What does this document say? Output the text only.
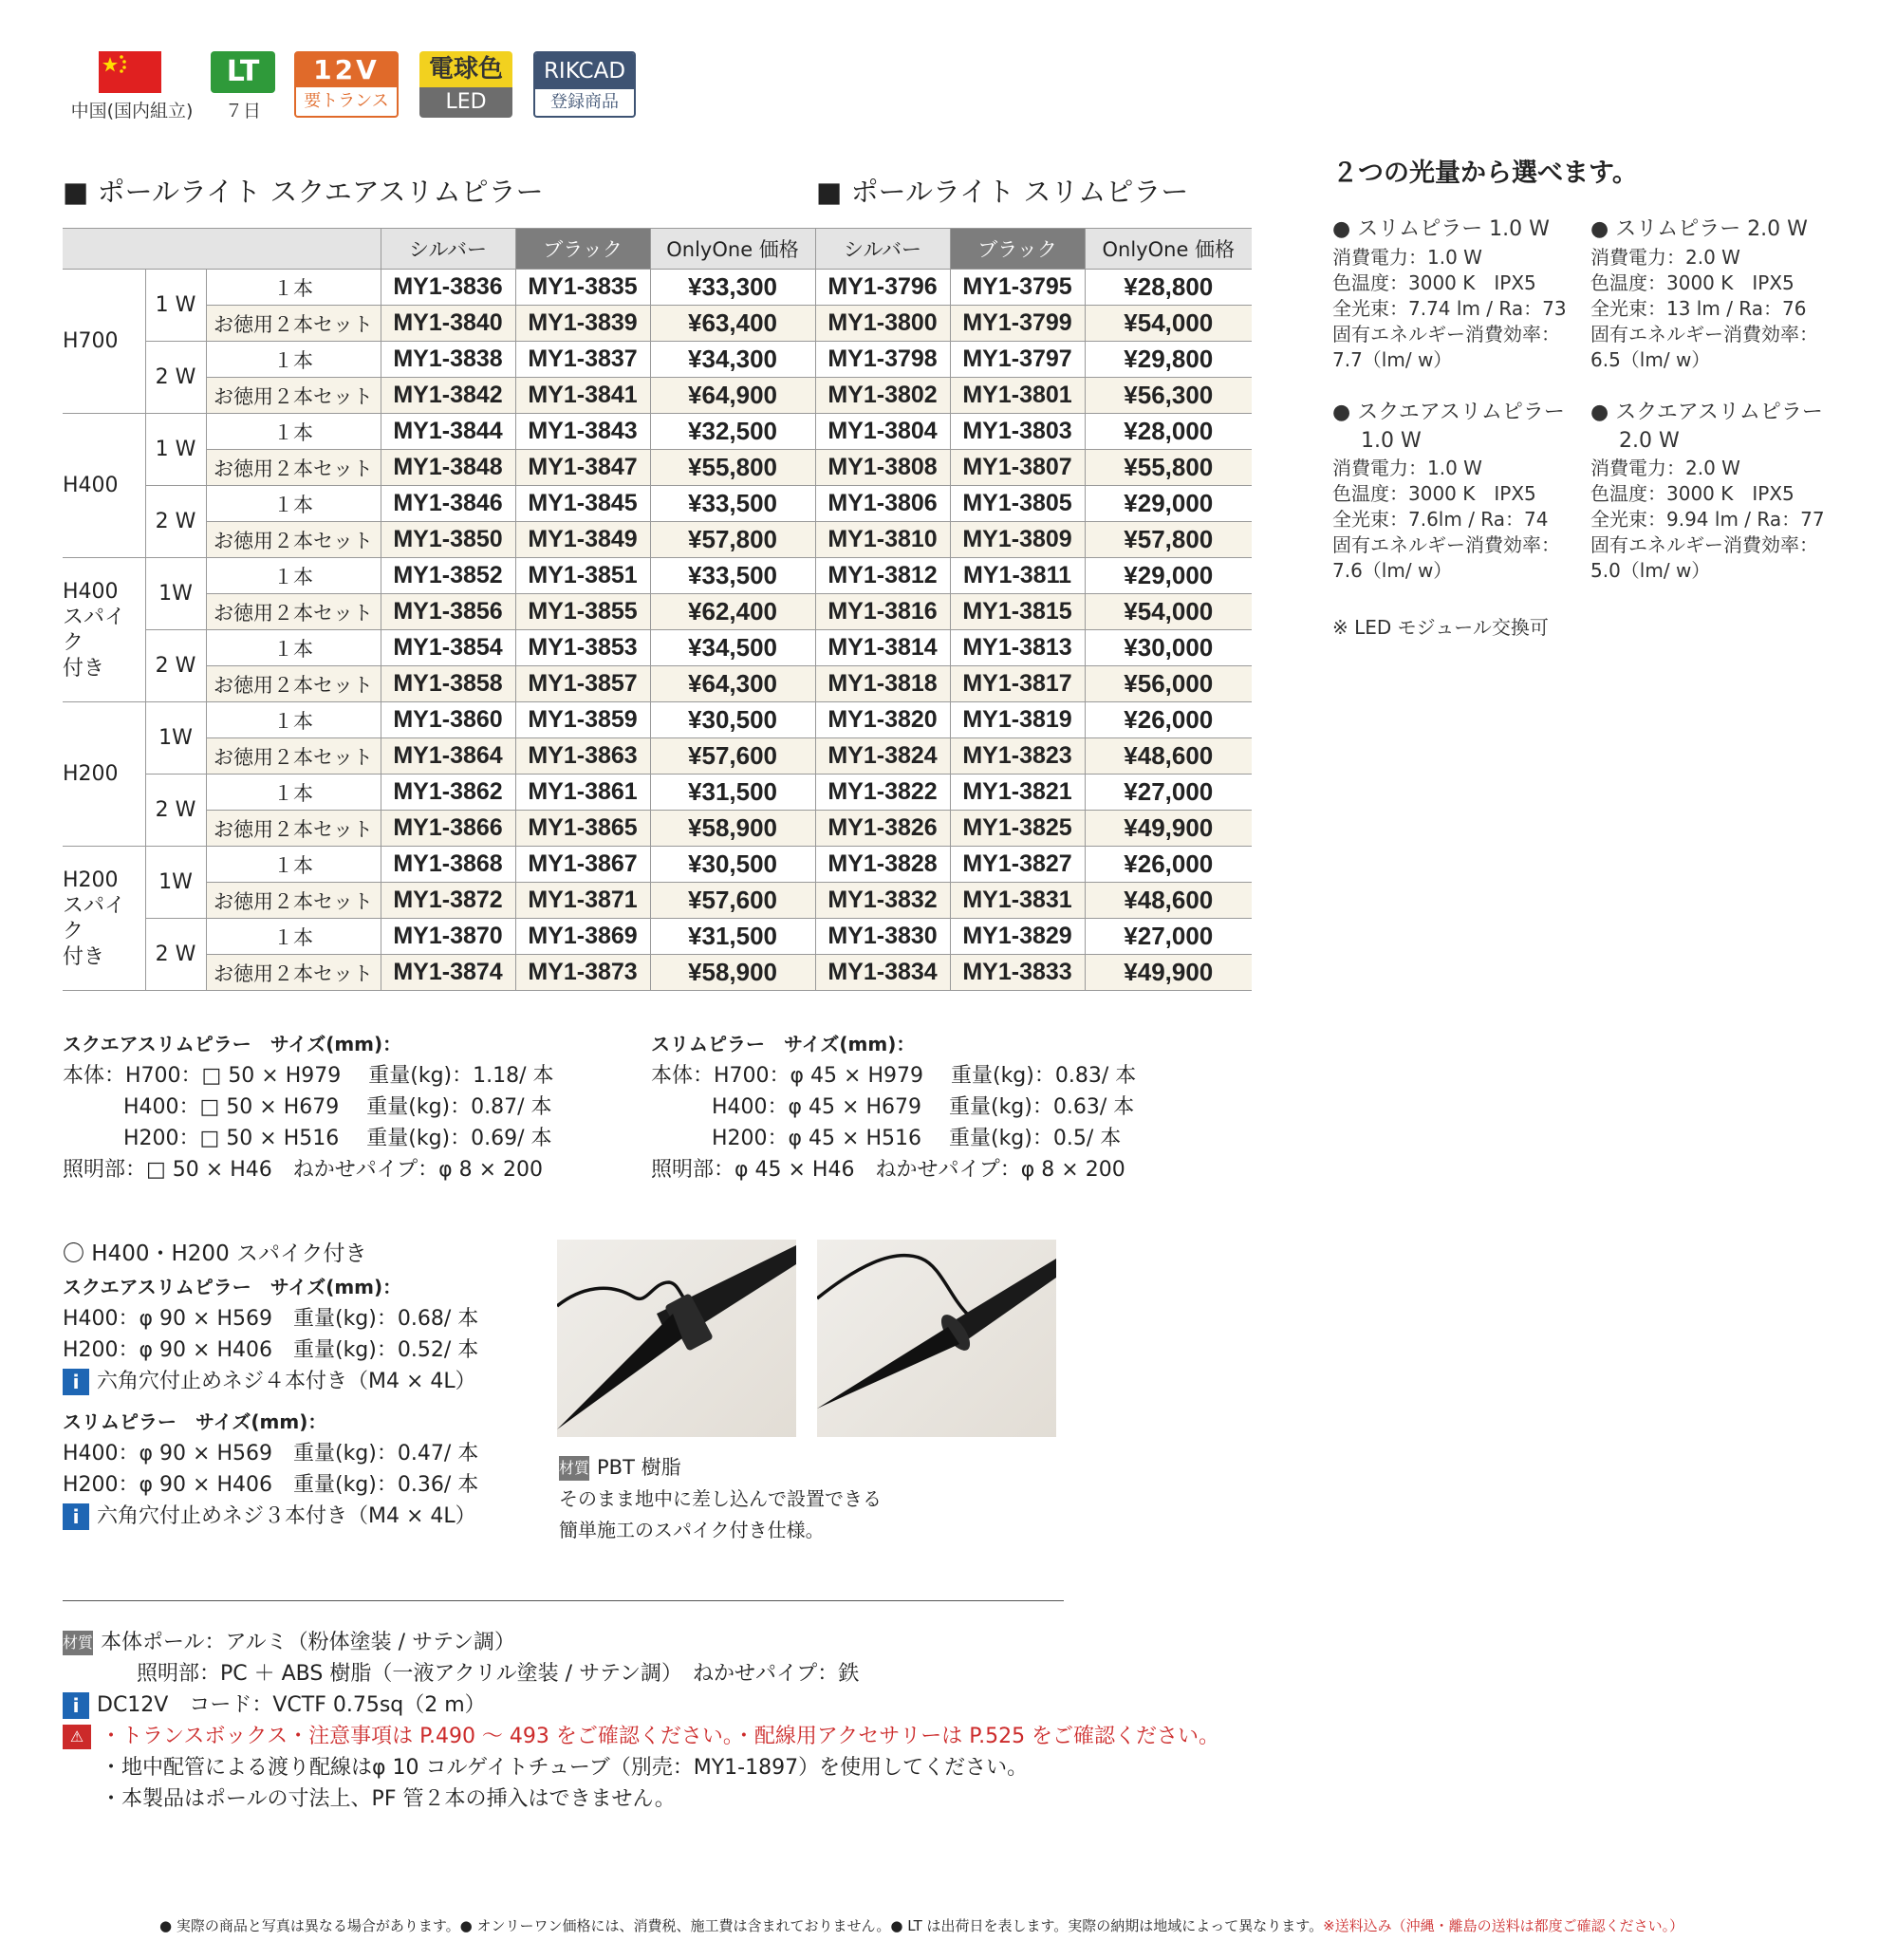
中国(国内組立)
LT
７日
12V
要トランス
電球色
LED
RIKCAD
登録商品
■ ポールライト スクエアスリムピラー	■ ポールライト スリムピラー
			シルバー	ブラック	OnlyOne 価格	シルバー	ブラック	OnlyOne 価格
H700	1 W	１本	MY1-3836	MY1-3835	¥33,300	MY1-3796	MY1-3795	¥28,800
		お徳用２本セット	MY1-3840	MY1-3839	¥63,400	MY1-3800	MY1-3799	¥54,000
	2 W	１本	MY1-3838	MY1-3837	¥34,300	MY1-3798	MY1-3797	¥29,800
		お徳用２本セット	MY1-3842	MY1-3841	¥64,900	MY1-3802	MY1-3801	¥56,300
H400	1 W	１本	MY1-3844	MY1-3843	¥32,500	MY1-3804	MY1-3803	¥28,000
		お徳用２本セット	MY1-3848	MY1-3847	¥55,800	MY1-3808	MY1-3807	¥55,800
	2 W	１本	MY1-3846	MY1-3845	¥33,500	MY1-3806	MY1-3805	¥29,000
		お徳用２本セット	MY1-3850	MY1-3849	¥57,800	MY1-3810	MY1-3809	¥57,800
H400
スパイク
付き	1W	１本	MY1-3852	MY1-3851	¥33,500	MY1-3812	MY1-3811	¥29,000
		お徳用２本セット	MY1-3856	MY1-3855	¥62,400	MY1-3816	MY1-3815	¥54,000
	2 W	１本	MY1-3854	MY1-3853	¥34,500	MY1-3814	MY1-3813	¥30,000
		お徳用２本セット	MY1-3858	MY1-3857	¥64,300	MY1-3818	MY1-3817	¥56,000
H200	1W	１本	MY1-3860	MY1-3859	¥30,500	MY1-3820	MY1-3819	¥26,000
		お徳用２本セット	MY1-3864	MY1-3863	¥57,600	MY1-3824	MY1-3823	¥48,600
	2 W	１本	MY1-3862	MY1-3861	¥31,500	MY1-3822	MY1-3821	¥27,000
		お徳用２本セット	MY1-3866	MY1-3865	¥58,900	MY1-3826	MY1-3825	¥49,900
H200
スパイク
付き	1W	１本	MY1-3868	MY1-3867	¥30,500	MY1-3828	MY1-3827	¥26,000
		お徳用２本セット	MY1-3872	MY1-3871	¥57,600	MY1-3832	MY1-3831	¥48,600
	2 W	１本	MY1-3870	MY1-3869	¥31,500	MY1-3830	MY1-3829	¥27,000
		お徳用２本セット	MY1-3874	MY1-3873	¥58,900	MY1-3834	MY1-3833	¥49,900
２つの光量から選べます。
● スリムピラー 1.0 W
消費電力：1.0 W
色温度：3000 K　IPX5
全光束：7.74 lm / Ra：73
固有エネルギー消費効率：
7.7（lm/ w）
● スリムピラー 2.0 W
消費電力：2.0 W
色温度：3000 K　IPX5
全光束：13 lm / Ra：76
固有エネルギー消費効率：
6.5（lm/ w）
● スクエアスリムピラー
1.0 W
消費電力：1.0 W
色温度：3000 K　IPX5
全光束：7.6lm / Ra：74
固有エネルギー消費効率：
7.6（lm/ w）
● スクエアスリムピラー
2.0 W
消費電力：2.0 W
色温度：3000 K　IPX5
全光束：9.94 lm / Ra：77
固有エネルギー消費効率：
5.0（lm/ w）
※ LED モジュール交換可
スクエアスリムピラー　サイズ(mm)：
本体：H700：□ 50 × H979　 重量(kg)：1.18/ 本
H400：□ 50 × H679　 重量(kg)：0.87/ 本
H200：□ 50 × H516　 重量(kg)：0.69/ 本
照明部：□ 50 × H46　ねかせパイプ：φ 8 × 200
スリムピラー　サイズ(mm)：
本体：H700：φ 45 × H979　 重量(kg)：0.83/ 本
H400：φ 45 × H679　 重量(kg)：0.63/ 本
H200：φ 45 × H516　 重量(kg)：0.5/ 本
照明部：φ 45 × H46　ねかせパイプ：φ 8 × 200
〇 H400・H200 スパイク付き
スクエアスリムピラー　サイズ(mm)：
H400：φ 90 × H569　重量(kg)：0.68/ 本
H200：φ 90 × H406　重量(kg)：0.52/ 本
i 六角穴付止めネジ４本付き（M4 × 4L）
スリムピラー　サイズ(mm)：
H400：φ 90 × H569　重量(kg)：0.47/ 本
H200：φ 90 × H406　重量(kg)：0.36/ 本
i 六角穴付止めネジ３本付き（M4 × 4L）
材質 PBT 樹脂
そのまま地中に差し込んで設置できる
簡単施工のスパイク付き仕様。
材質 本体ポール：アルミ（粉体塗装 / サテン調）
照明部：PC ＋ ABS 樹脂（一液アクリル塗装 / サテン調）　ねかせパイプ：鉄
i DC12V　コード：VCTF 0.75sq（2 m）
⚠ ・トランスボックス・注意事項は P.490 〜 493 をご確認ください。・配線用アクセサリーは P.525 をご確認ください。
・地中配管による渡り配線はφ 10 コルゲイトチューブ（別売：MY1-1897）を使用してください。
・本製品はポールの寸法上、PF 管２本の挿入はできません。
● 実際の商品と写真は異なる場合があります。● オンリーワン価格には、消費税、施工費は含まれておりません。● LT は出荷日を表します。実際の納期は地域によって異なります。※送料込み（沖縄・離島の送料は都度ご確認ください。）
